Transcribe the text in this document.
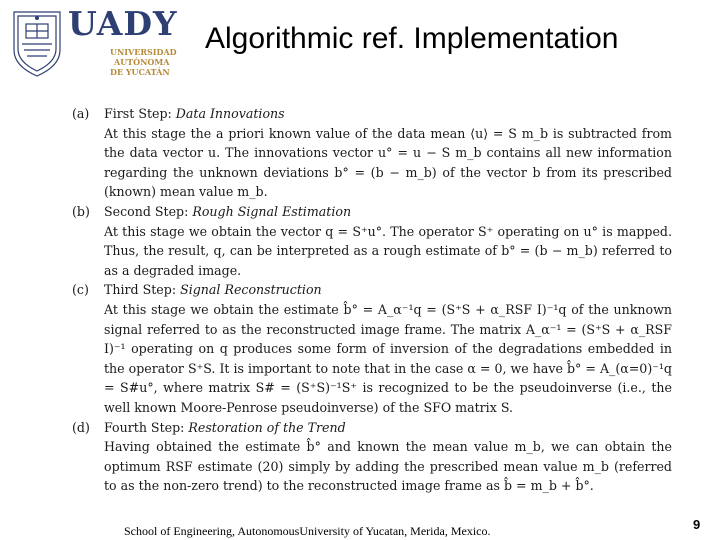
UADY
UNIVERSIDAD
AUTÓNOMA
DE YUCATÁN
Algorithmic ref. Implementation
(a)	First Step: Data Innovations
At this stage the a priori known value of the data mean ⟨u⟩ = S m_b is subtracted from the data vector u. The innovations vector u° = u − S m_b contains all new information regarding the unknown deviations b° = (b − m_b) of the vector b from its prescribed (known) mean value m_b.
(b)	Second Step: Rough Signal Estimation
At this stage we obtain the vector q = S⁺u°. The operator S⁺ operating on u° is mapped. Thus, the result, q, can be interpreted as a rough estimate of b° = (b − m_b) referred to as a degraded image.
(c)	Third Step: Signal Reconstruction
At this stage we obtain the estimate b̂° = A_α⁻¹q = (S⁺S + α_RSF I)⁻¹q of the unknown signal referred to as the reconstructed image frame. The matrix A_α⁻¹ = (S⁺S + α_RSF I)⁻¹ operating on q produces some form of inversion of the degradations embedded in the operator S⁺S. It is important to note that in the case α = 0, we have b̂° = A_(α=0)⁻¹q = S#u°, where matrix S# = (S⁺S)⁻¹S⁺ is recognized to be the pseudoinverse (i.e., the well known Moore-Penrose pseudoinverse) of the SFO matrix S.
(d)	Fourth Step: Restoration of the Trend
Having obtained the estimate b̂° and known the mean value m_b, we can obtain the optimum RSF estimate (20) simply by adding the prescribed mean value m_b (referred to as the non-zero trend) to the reconstructed image frame as b̂ = m_b + b̂°.
School of Engineering, AutonomousUniversity of Yucatan, Merida, Mexico.	9
